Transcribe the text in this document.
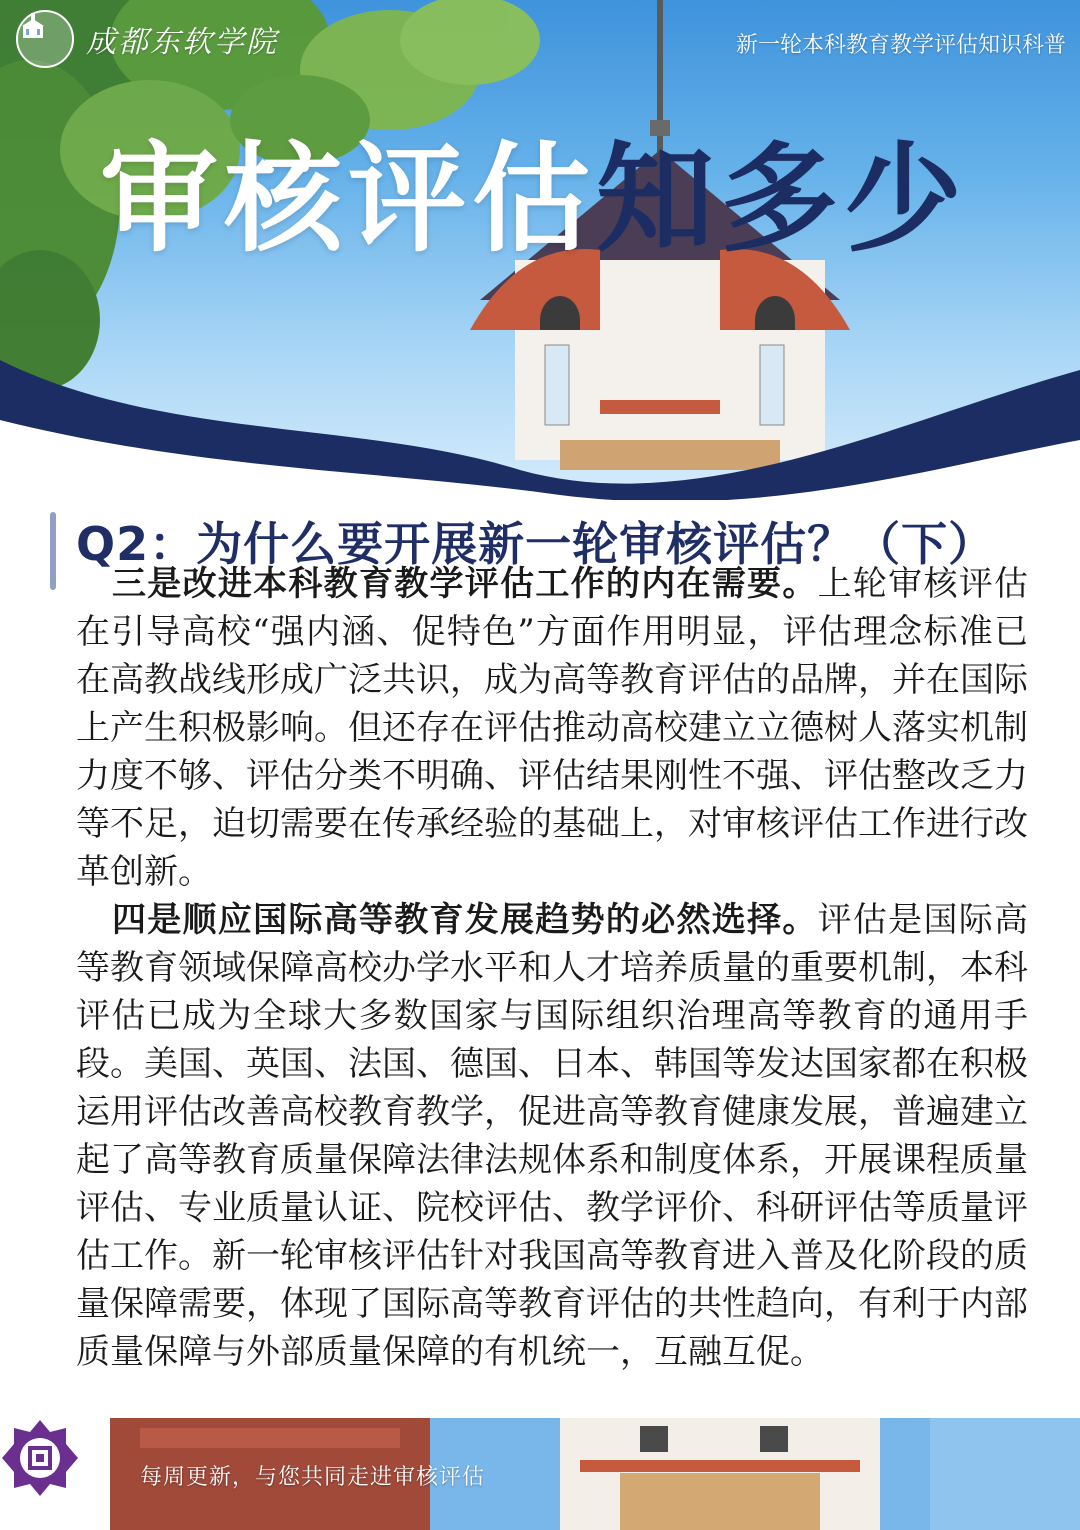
成都东软学院	新一轮本科教育教学评估知识科普
审核评估知多少
Q2：为什么要开展新一轮审核评估？（下）

三是改进本科教育教学评估工作的内在需要。上轮审核评估在引导高校“强内涵、促特色”方面作用明显，评估理念标准已在高教战线形成广泛共识，成为高等教育评估的品牌，并在国际上产生积极影响。但还存在评估推动高校建立立德树人落实机制力度不够、评估分类不明确、评估结果刚性不强、评估整改乏力等不足，迫切需要在传承经验的基础上，对审核评估工作进行改革创新。

四是顺应国际高等教育发展趋势的必然选择。评估是国际高等教育领域保障高校办学水平和人才培养质量的重要机制，本科评估已成为全球大多数国家与国际组织治理高等教育的通用手段。美国、英国、法国、德国、日本、韩国等发达国家都在积极运用评估改善高校教育教学，促进高等教育健康发展，普遍建立起了高等教育质量保障法律法规体系和制度体系，开展课程质量评估、专业质量认证、院校评估、教学评价、科研评估等质量评估工作。新一轮审核评估针对我国高等教育进入普及化阶段的质量保障需要，体现了国际高等教育评估的共性趋向，有利于内部质量保障与外部质量保障的有机统一，互融互促。

每周更新，与您共同走进审核评估
